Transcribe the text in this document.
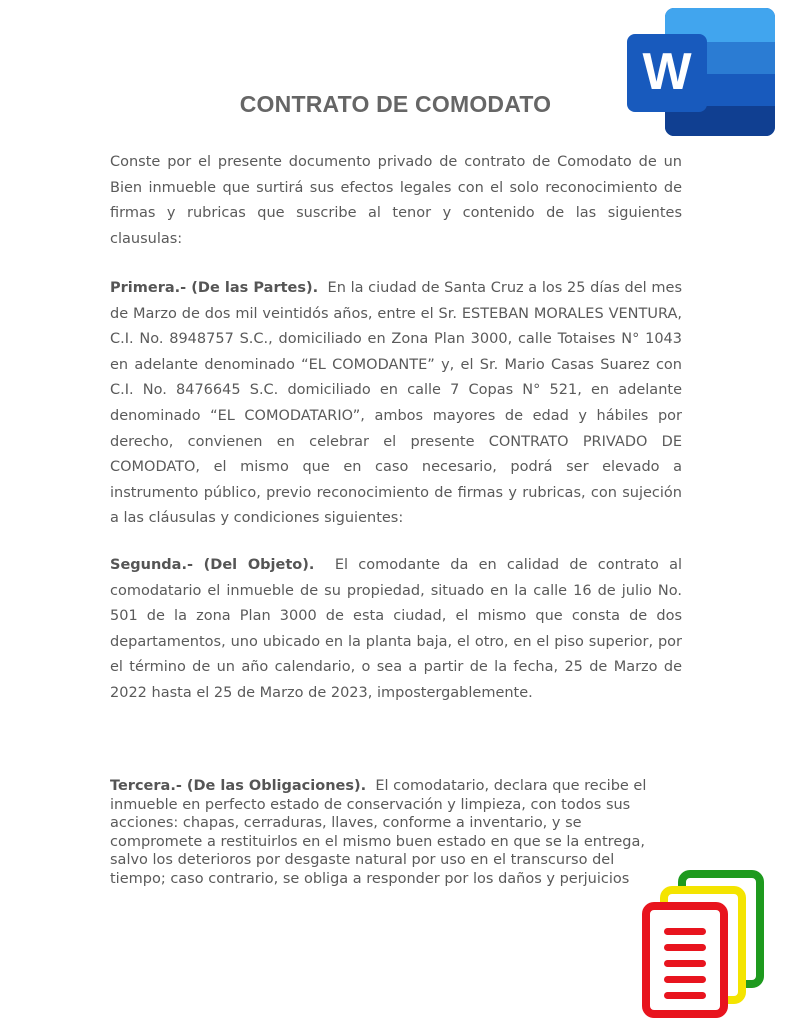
W
CONTRATO DE COMODATO

Conste por el presente documento privado de contrato de Comodato de un Bien inmueble que surtirá sus efectos legales con el solo reconocimiento de firmas y rubricas que suscribe al tenor y contenido de las siguientes clausulas:

Primera.- (De las Partes). En la ciudad de Santa Cruz a los 25 días del mes de Marzo de dos mil veintidós años, entre el Sr. ESTEBAN MORALES VENTURA, C.I. No. 8948757 S.C., domiciliado en Zona Plan 3000, calle Totaises N° 1043 en adelante denominado “EL COMODANTE” y, el Sr. Mario Casas Suarez con C.I. No. 8476645 S.C. domiciliado en calle 7 Copas N° 521, en adelante denominado “EL COMODATARIO”, ambos mayores de edad y hábiles por derecho, convienen en celebrar el presente CONTRATO PRIVADO DE COMODATO, el mismo que en caso necesario, podrá ser elevado a instrumento público, previo reconocimiento de firmas y rubricas, con sujeción a las cláusulas y condiciones siguientes:

Segunda.- (Del Objeto). El comodante da en calidad de contrato al comodatario el inmueble de su propiedad, situado en la calle 16 de julio No. 501 de la zona Plan 3000 de esta ciudad, el mismo que consta de dos departamentos, uno ubicado en la planta baja, el otro, en el piso superior, por el término de un año calendario, o sea a partir de la fecha, 25 de Marzo de 2022 hasta el 25 de Marzo de 2023, impostergablemente.

Tercera.- (De las Obligaciones). El comodatario, declara que recibe el inmueble en perfecto estado de conservación y limpieza, con todos sus acciones: chapas, cerraduras, llaves, conforme a inventario, y se compromete a restituirlos en el mismo buen estado en que se la entrega, salvo los deterioros por desgaste natural por uso en el transcurso del tiempo; caso contrario, se obliga a responder por los daños y perjuicios
